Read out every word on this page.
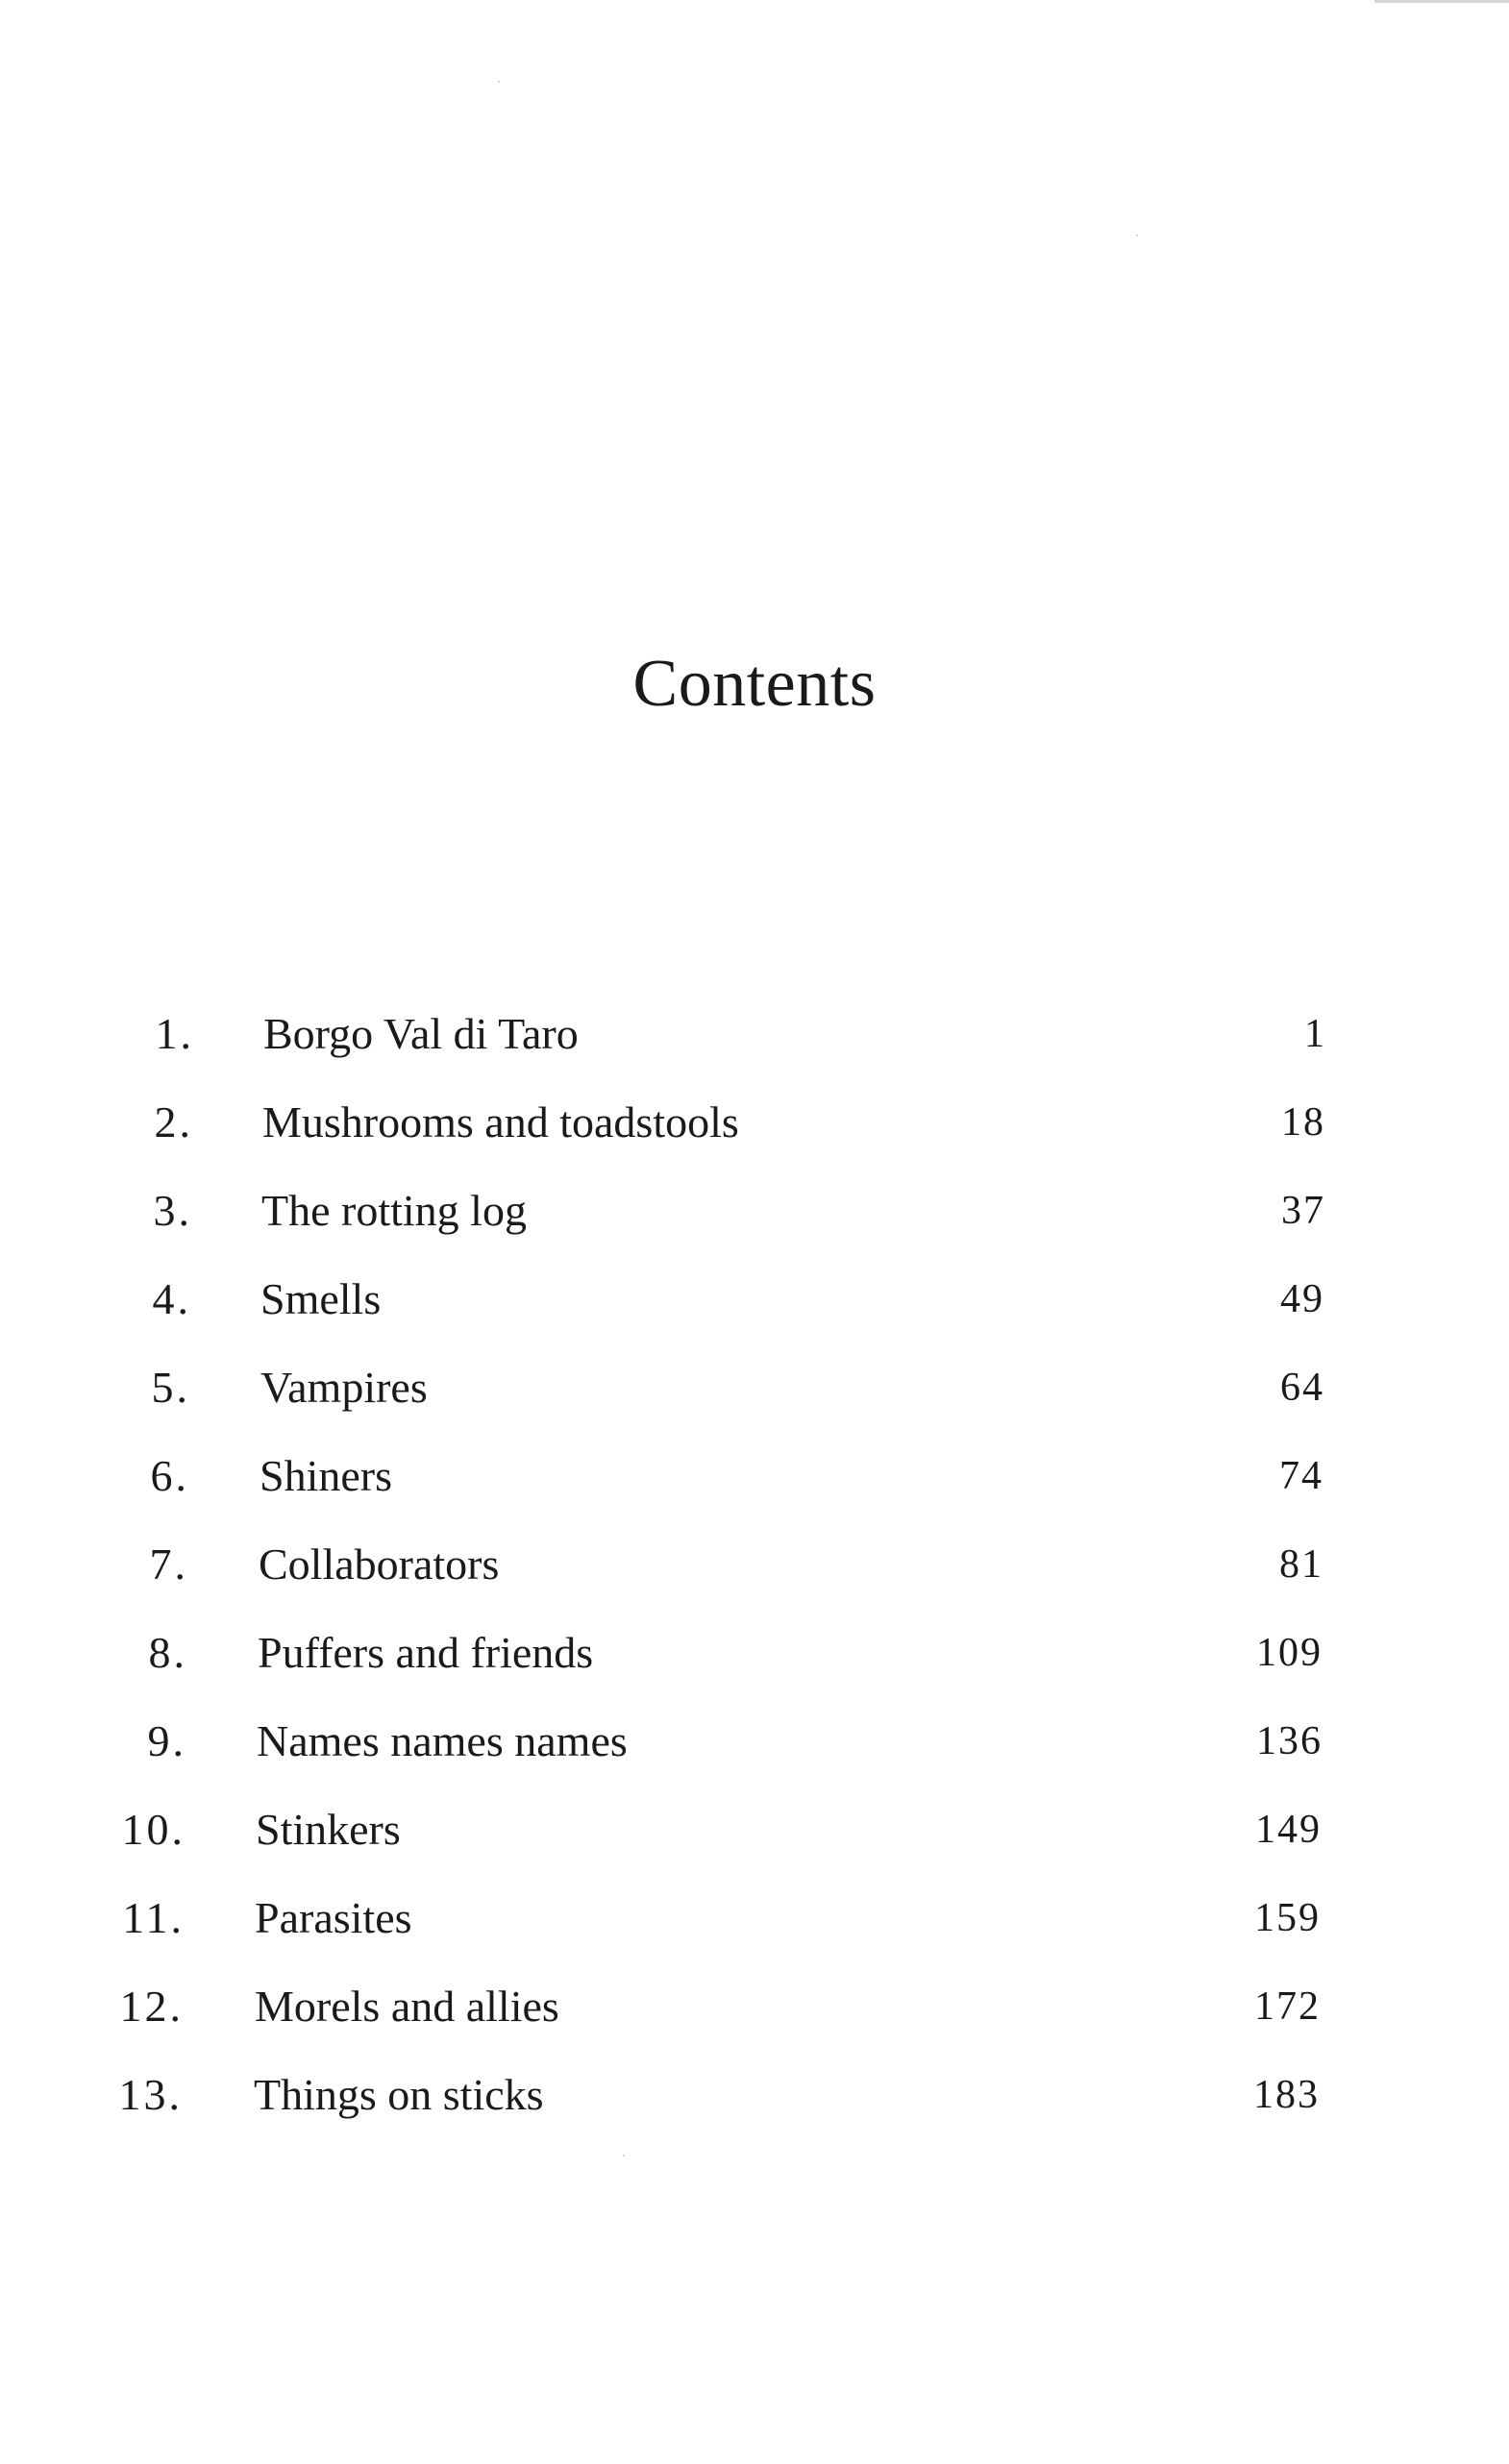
Contents
1. Borgo Val di Taro	1
2. Mushrooms and toadstools	18
3. The rotting log	37
4. Smells	49
5. Vampires	64
6. Shiners	74
7. Collaborators	81
8. Puffers and friends	109
9. Names names names	136
10. Stinkers	149
11. Parasites	159
12. Morels and allies	172
13. Things on sticks	183
